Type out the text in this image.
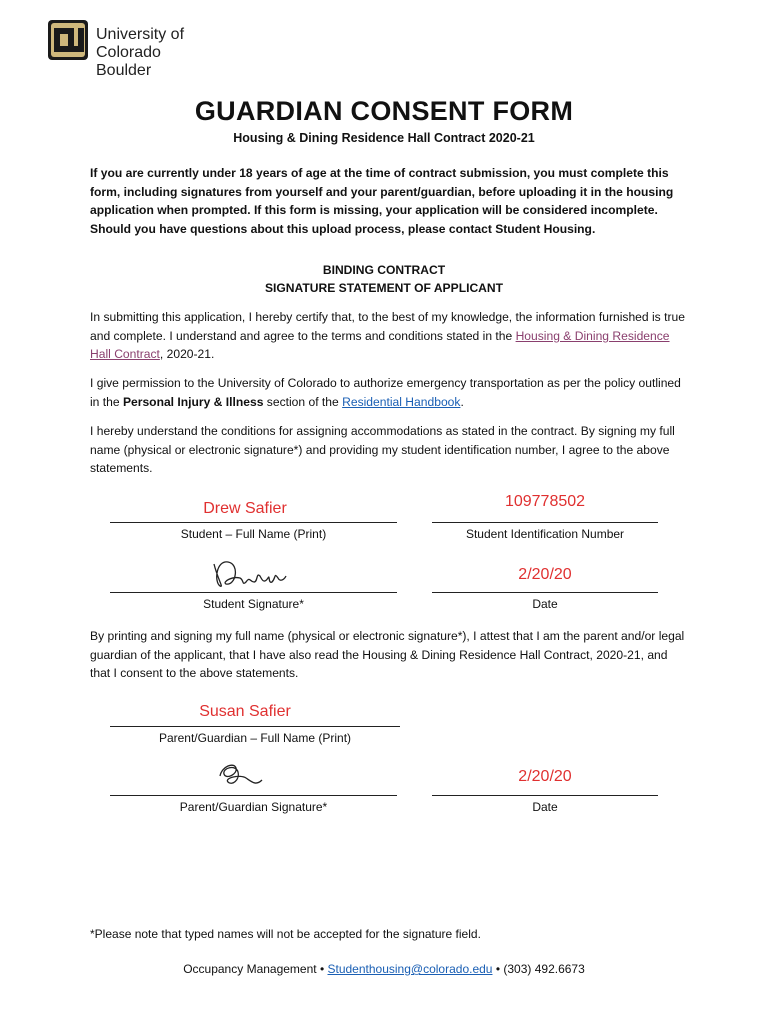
University of Colorado
Boulder
GUARDIAN CONSENT FORM
Housing & Dining Residence Hall Contract 2020-21
If you are currently under 18 years of age at the time of contract submission, you must complete this form, including signatures from yourself and your parent/guardian, before uploading it in the housing application when prompted. If this form is missing, your application will be considered incomplete. Should you have questions about this upload process, please contact Student Housing.
BINDING CONTRACT
SIGNATURE STATEMENT OF APPLICANT
In submitting this application, I hereby certify that, to the best of my knowledge, the information furnished is true and complete. I understand and agree to the terms and conditions stated in the Housing & Dining Residence Hall Contract, 2020-21.
I give permission to the University of Colorado to authorize emergency transportation as per the policy outlined in the Personal Injury & Illness section of the Residential Handbook.
I hereby understand the conditions for assigning accommodations as stated in the contract. By signing my full name (physical or electronic signature*) and providing my student identification number, I agree to the above statements.
Drew Safier
Student – Full Name (Print)
109778502
Student Identification Number
Student Signature*
2/20/20
Date
By printing and signing my full name (physical or electronic signature*), I attest that I am the parent and/or legal guardian of the applicant, that I have also read the Housing & Dining Residence Hall Contract, 2020-21, and that I consent to the above statements.
Susan Safier
Parent/Guardian – Full Name (Print)
Parent/Guardian Signature*
2/20/20
Date
*Please note that typed names will not be accepted for the signature field.
Occupancy Management • Studenthousing@colorado.edu • (303) 492.6673
